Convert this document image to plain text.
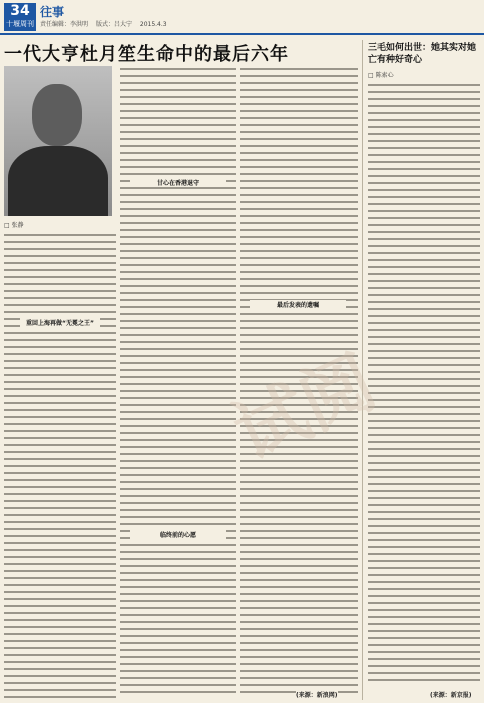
34
十堰周刊
往事
责任编辑：李洪明 版式：吕大宁 2015.4.3
一代大亨杜月笙生命中的最后六年
□ 张静
重回上海再做“无冕之王”
甘心在香港退守
临终前的心愿
最后发表的遗嘱
(来源：新浪网)
三毛如何出世：她其实对她亡有种好奇心
□ 陈索心
(来源：新京报)
试阅
